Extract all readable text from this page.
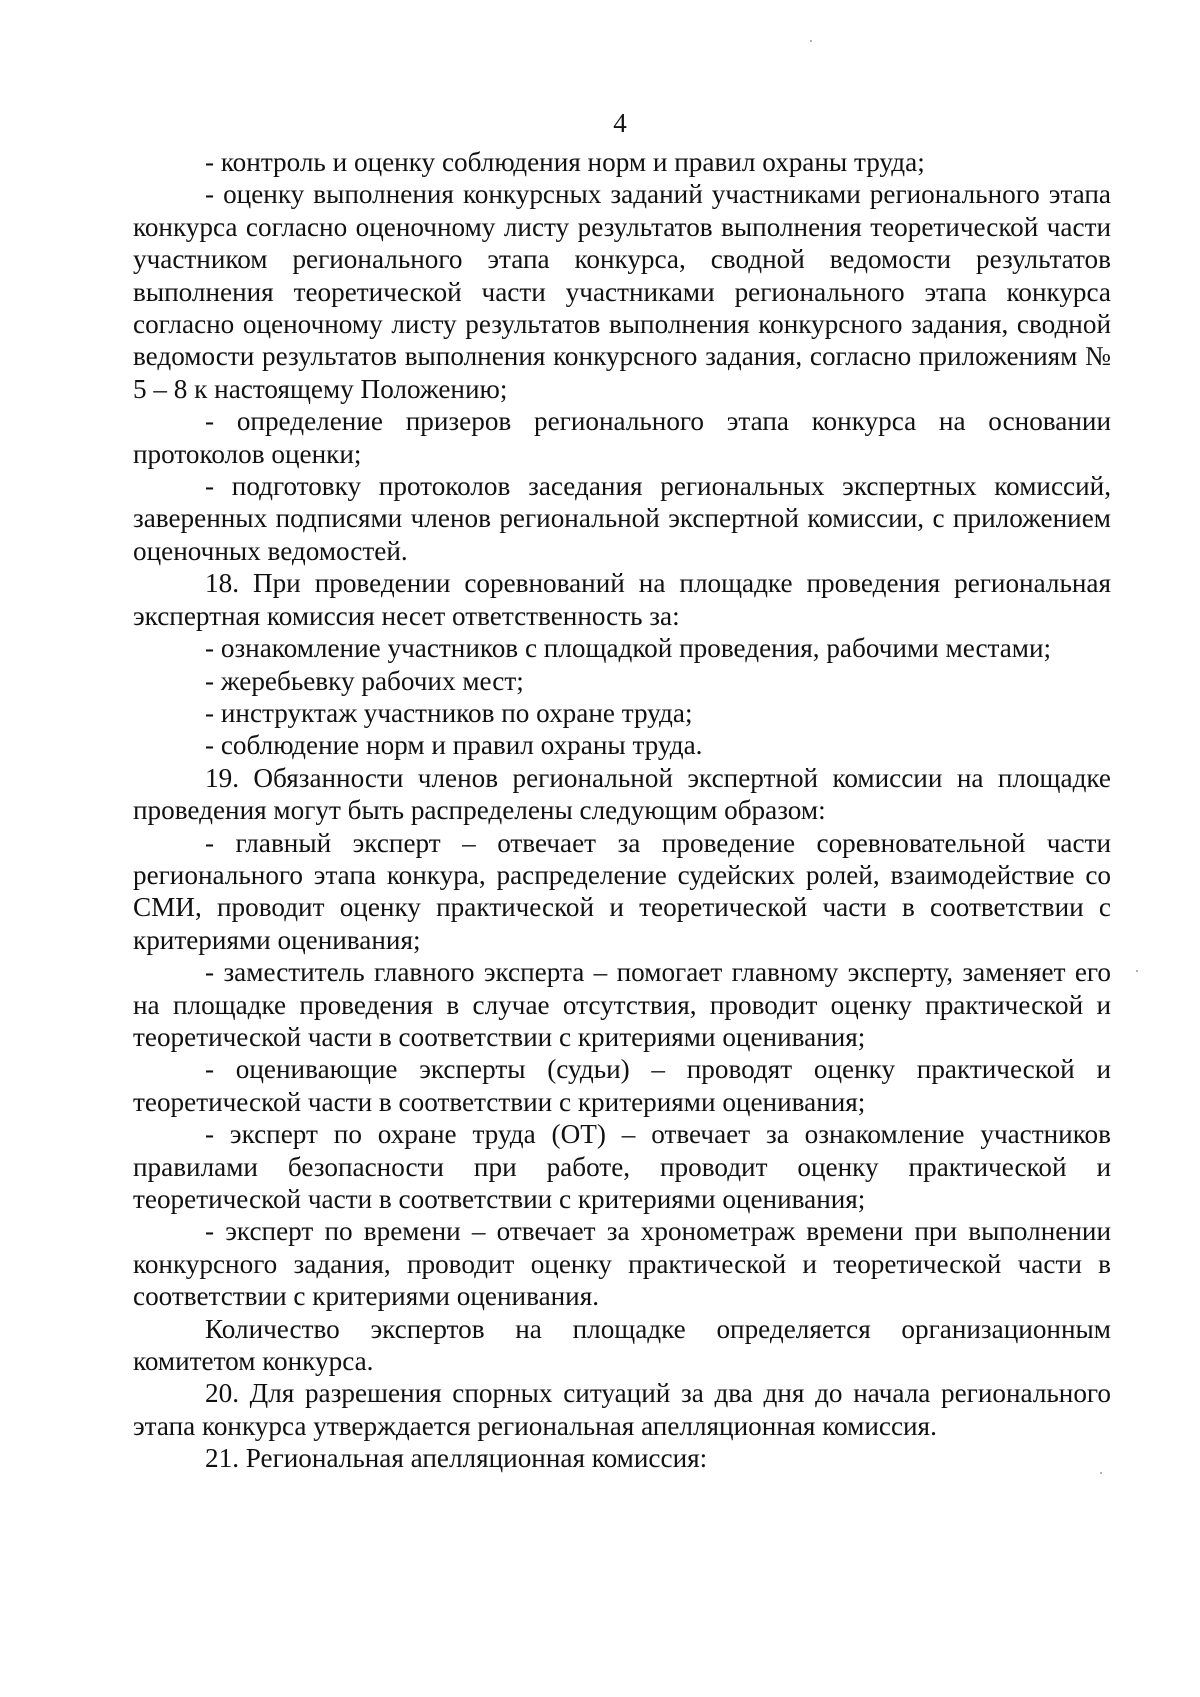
4

- контроль и оценку соблюдения норм и правил охраны труда;

- оценку выполнения конкурсных заданий участниками регионального этапа конкурса согласно оценочному листу результатов выполнения теоретической части участником регионального этапа конкурса, сводной ведомости результатов выполнения теоретической части участниками регионального этапа конкурса согласно оценочному листу результатов выполнения конкурсного задания, сводной ведомости результатов выполнения конкурсного задания, согласно приложениям № 5 – 8 к настоящему Положению;

- определение призеров регионального этапа конкурса на основании протоколов оценки;

- подготовку протоколов заседания региональных экспертных комиссий, заверенных подписями членов региональной экспертной комиссии, с приложением оценочных ведомостей.

18. При проведении соревнований на площадке проведения региональная экспертная комиссия несет ответственность за:

- ознакомление участников с площадкой проведения, рабочими местами;

- жеребьевку рабочих мест;

- инструктаж участников по охране труда;

- соблюдение норм и правил охраны труда.

19. Обязанности членов региональной экспертной комиссии на площадке проведения могут быть распределены следующим образом:

- главный эксперт – отвечает за проведение соревновательной части регионального этапа конкура, распределение судейских ролей, взаимодействие со СМИ, проводит оценку практической и теоретической части в соответствии с критериями оценивания;

- заместитель главного эксперта – помогает главному эксперту, заменяет его на площадке проведения в случае отсутствия, проводит оценку практической и теоретической части в соответствии с критериями оценивания;

- оценивающие эксперты (судьи) – проводят оценку практической и теоретической части в соответствии с критериями оценивания;

- эксперт по охране труда (ОТ) – отвечает за ознакомление участников правилами безопасности при работе, проводит оценку практической и теоретической части в соответствии с критериями оценивания;

- эксперт по времени – отвечает за хронометраж времени при выполнении конкурсного задания, проводит оценку практической и теоретической части в соответствии с критериями оценивания.

Количество экспертов на площадке определяется организационным комитетом конкурса.

20. Для разрешения спорных ситуаций за два дня до начала регионального этапа конкурса утверждается региональная апелляционная комиссия.

21. Региональная апелляционная комиссия:
